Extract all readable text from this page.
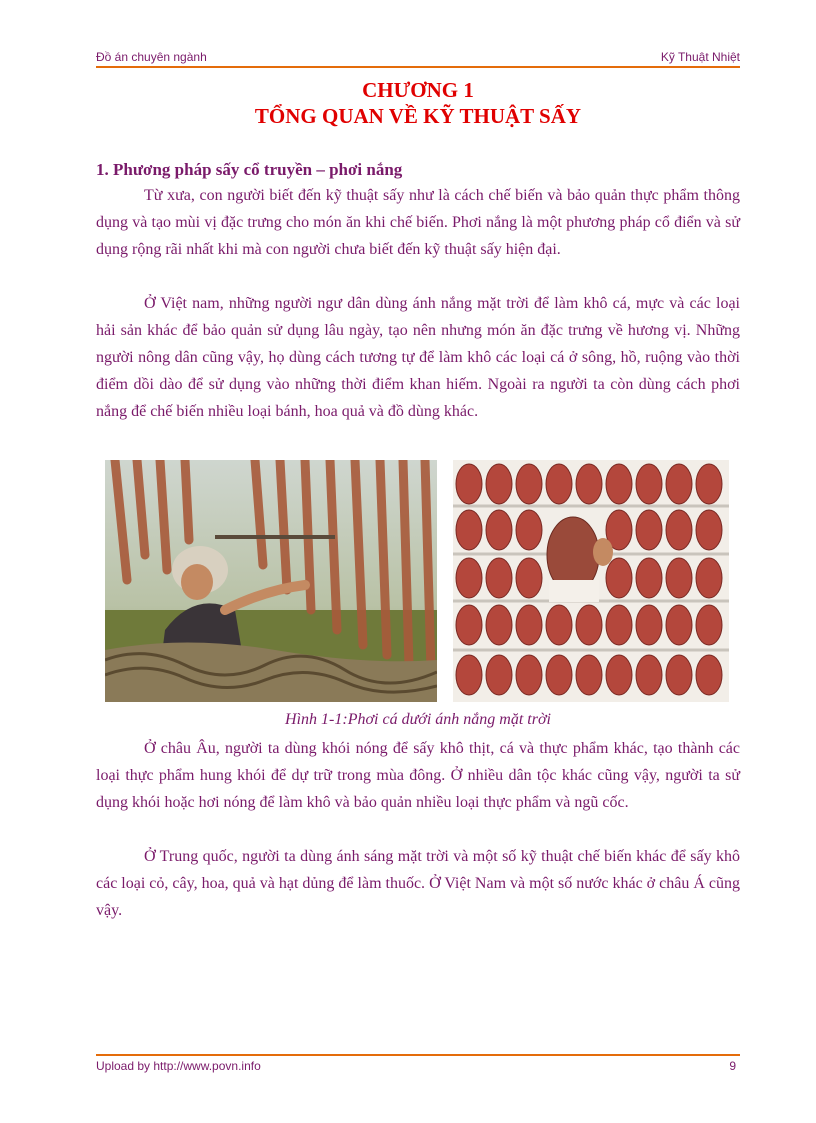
Đồ án chuyên ngành	Kỹ Thuật Nhiệt
CHƯƠNG 1
TỔNG QUAN VỀ KỸ THUẬT SẤY
1. Phương pháp sấy cổ truyền – phơi nắng

Từ xưa, con người biết đến kỹ thuật sấy như là cách chế biến và bảo quản thực phẩm thông dụng và tạo mùi vị đặc trưng cho món ăn khi chế biến. Phơi nắng là một phương pháp cổ điển và sử dụng rộng rãi nhất khi mà con người chưa biết đến kỹ thuật sấy hiện đại.

Ở Việt nam, những người ngư dân dùng ánh nắng mặt trời để làm khô cá, mực và các loại hải sản khác để bảo quản sử dụng lâu ngày, tạo nên nhưng món ăn đặc trưng về hương vị. Những người nông dân cũng vậy, họ dùng cách tương tự để làm khô các loại cá ở sông, hồ, ruộng vào thời điểm dồi dào để sử dụng vào những thời điểm khan hiếm. Ngoài ra người ta còn dùng cách phơi nắng để chế biến nhiều loại bánh, hoa quả và đồ dùng khác.

Hình 1-1:Phơi cá dưới ánh nắng mặt trời

Ở châu Âu, người ta dùng khói nóng để sấy khô thịt, cá và thực phẩm khác, tạo thành các loại thực phẩm hung khói để dự trữ trong mùa đông. Ở nhiều dân tộc khác cũng vậy, người ta sử dụng khói hoặc hơi nóng để làm khô và bảo quản nhiều loại thực phẩm và ngũ cốc.

Ở Trung quốc, người ta dùng ánh sáng mặt trời và một số kỹ thuật chế biến khác để sấy khô các loại cỏ, cây, hoa, quả và hạt dủng để làm thuốc. Ở Việt Nam và một số nước khác ở châu Á cũng vậy.

Upload by http://www.povn.info	9
